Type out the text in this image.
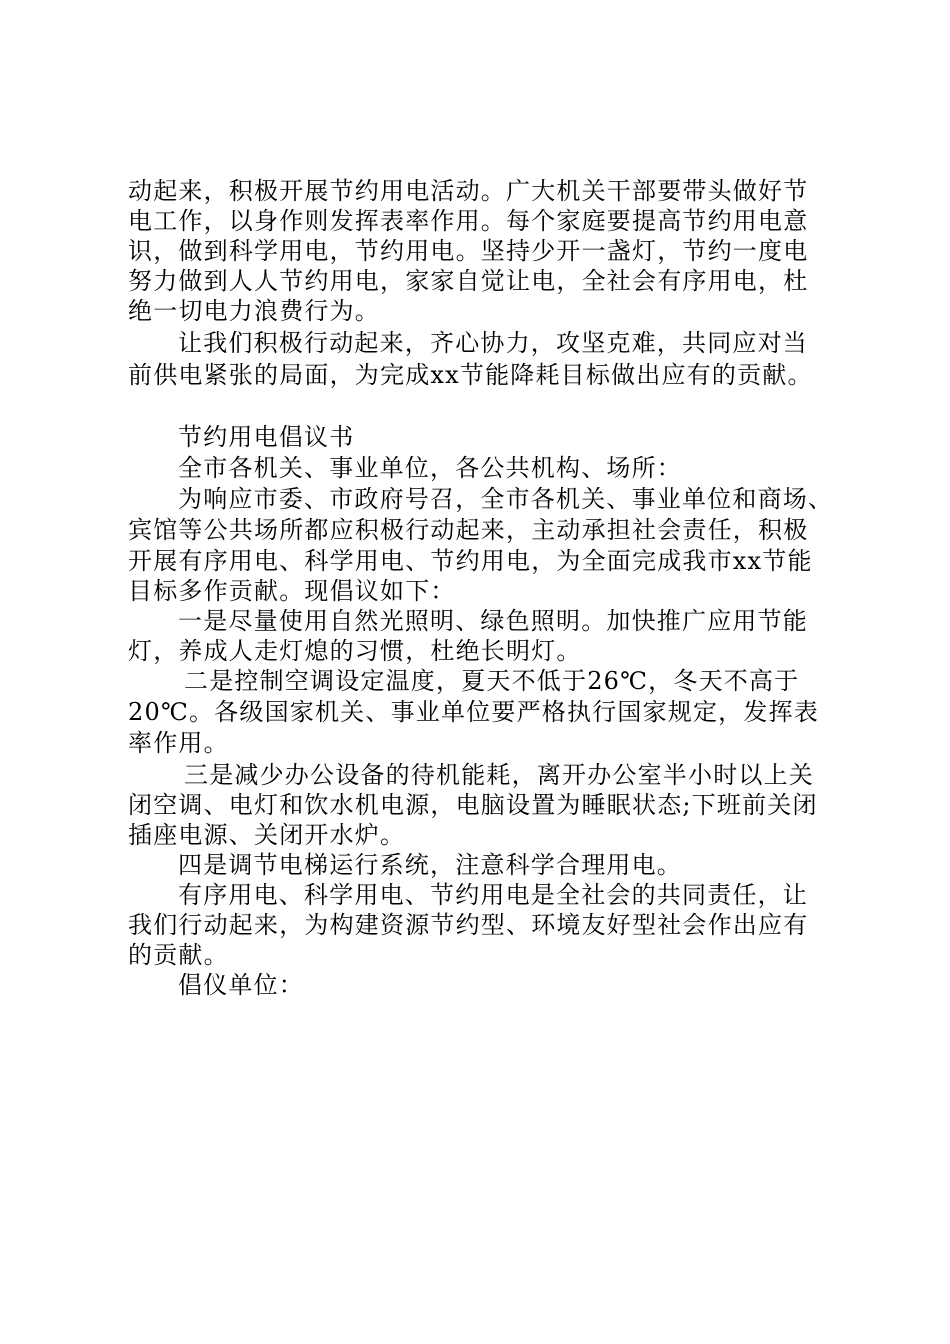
动起来，积极开展节约用电活动。广大机关干部要带头做好节
电工作，以身作则发挥表率作用。每个家庭要提高节约用电意
识，做到科学用电，节约用电。坚持少开一盏灯，节约一度电
努力做到人人节约用电，家家自觉让电，全社会有序用电，杜
绝一切电力浪费行为。
让我们积极行动起来，齐心协力，攻坚克难，共同应对当
前供电紧张的局面，为完成xx节能降耗目标做出应有的贡献。
节约用电倡议书
全市各机关、事业单位，各公共机构、场所：
为响应市委、市政府号召，全市各机关、事业单位和商场、
宾馆等公共场所都应积极行动起来，主动承担社会责任，积极
开展有序用电、科学用电、节约用电，为全面完成我市xx节能
目标多作贡献。现倡议如下：
一是尽量使用自然光照明、绿色照明。加快推广应用节能
灯，养成人走灯熄的习惯，杜绝长明灯。
二是控制空调设定温度，夏天不低于26℃，冬天不高于
20℃。各级国家机关、事业单位要严格执行国家规定，发挥表
率作用。
三是减少办公设备的待机能耗，离开办公室半小时以上关
闭空调、电灯和饮水机电源，电脑设置为睡眠状态;下班前关闭
插座电源、关闭开水炉。
四是调节电梯运行系统，注意科学合理用电。
有序用电、科学用电、节约用电是全社会的共同责任，让
我们行动起来，为构建资源节约型、环境友好型社会作出应有
的贡献。
倡仪单位：
